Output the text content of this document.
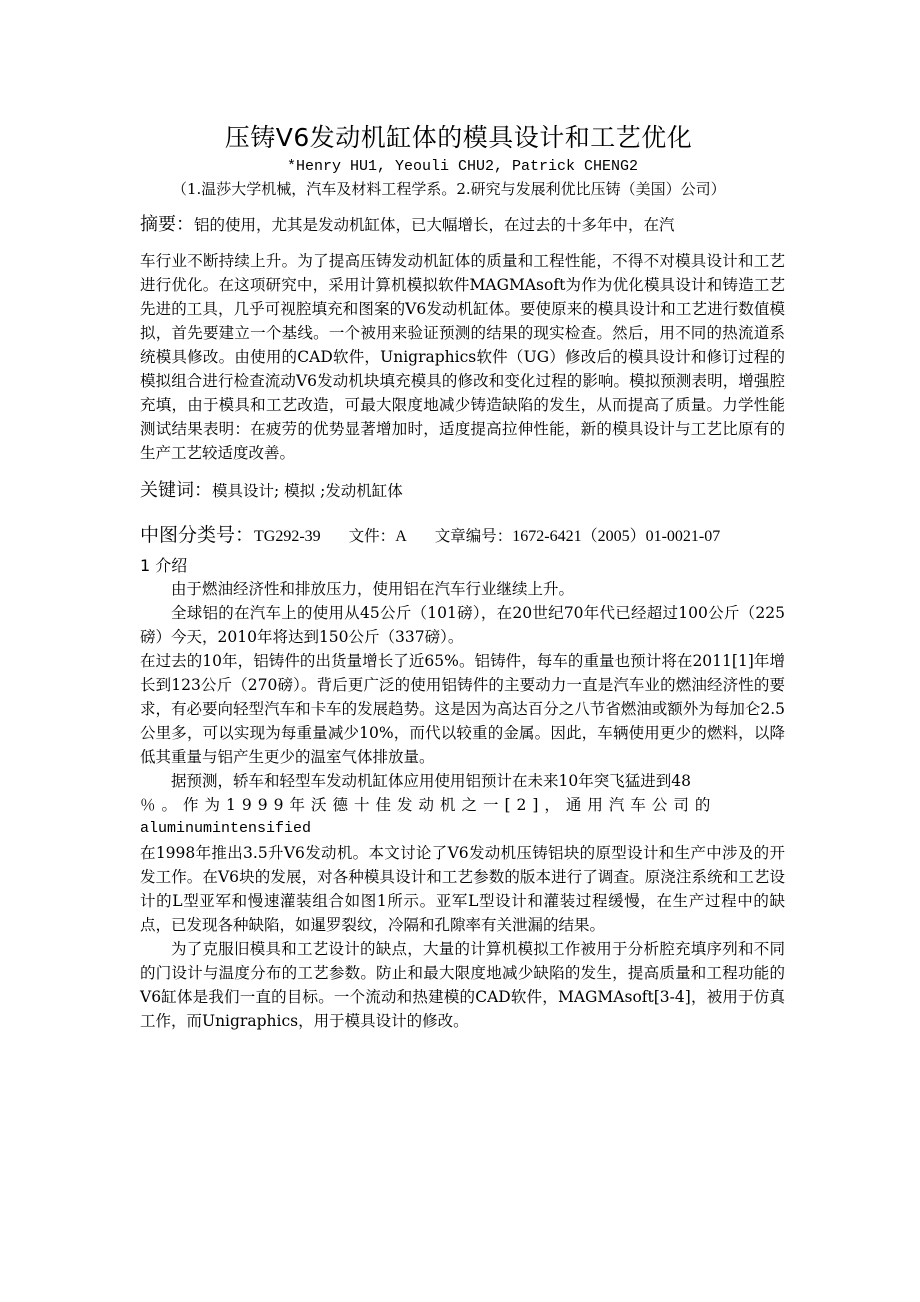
压铸V6发动机缸体的模具设计和工艺优化
*Henry HU1, Yeouli CHU2, Patrick CHENG2

（1.温莎大学机械，汽车及材料工程学系。2.研究与发展利优比压铸（美国）公司）

摘要：铝的使用，尤其是发动机缸体，已大幅增长，在过去的十多年中，在汽
车行业不断持续上升。为了提高压铸发动机缸体的质量和工程性能，不得不对模具设计和工艺进行优化。在这项研究中，采用计算机模拟软件MAGMAsoft为作为优化模具设计和铸造工艺先进的工具，几乎可视腔填充和图案的V6发动机缸体。要使原来的模具设计和工艺进行数值模拟，首先要建立一个基线。一个被用来验证预测的结果的现实检查。然后，用不同的热流道系统模具修改。由使用的CAD软件，Unigraphics软件（UG）修改后的模具设计和修订过程的模拟组合进行检查流动V6发动机块填充模具的修改和变化过程的影响。模拟预测表明，增强腔充填，由于模具和工艺改造，可最大限度地减少铸造缺陷的发生，从而提高了质量。力学性能测试结果表明：在疲劳的优势显著增加时，适度提高拉伸性能，新的模具设计与工艺比原有的生产工艺较适度改善。
关键词：模具设计; 模拟 ;发动机缸体
中图分类号：TG292-39 文件：A 文章编号：1672-6421（2005）01-0021-07
1 介绍

由于燃油经济性和排放压力，使用铝在汽车行业继续上升。

全球铝的在汽车上的使用从45公斤（101磅），在20世纪70年代已经超过100公斤（225磅）今天，2010年将达到150公斤（337磅）。

在过去的10年，铝铸件的出货量增长了近65%。铝铸件，每车的重量也预计将在2011[1]年增长到123公斤（270磅）。背后更广泛的使用铝铸件的主要动力一直是汽车业的燃油经济性的要求，有必要向轻型汽车和卡车的发展趋势。这是因为高达百分之八节省燃油或额外为每加仑2.5公里多，可以实现为每重量减少10%，而代以较重的金属。因此，车辆使用更少的燃料，以降低其重量与铝产生更少的温室气体排放量。

据预测，轿车和轻型车发动机缸体应用使用铝预计在未来10年突飞猛进到48

％。作为1999年沃德十佳发动机之一[2]，通用汽车公司的

aluminumintensified

在1998年推出3.5升V6发动机。本文讨论了V6发动机压铸铝块的原型设计和生产中涉及的开发工作。在V6块的发展，对各种模具设计和工艺参数的版本进行了调查。原浇注系统和工艺设计的L型亚军和慢速灌装组合如图1所示。亚军L型设计和灌装过程缓慢，在生产过程中的缺点，已发现各种缺陷，如暹罗裂纹，冷隔和孔隙率有关泄漏的结果。

为了克服旧模具和工艺设计的缺点，大量的计算机模拟工作被用于分析腔充填序列和不同的门设计与温度分布的工艺参数。防止和最大限度地减少缺陷的发生，提高质量和工程功能的V6缸体是我们一直的目标。一个流动和热建模的CAD软件，MAGMAsoft[3-4]，被用于仿真工作，而Unigraphics，用于模具设计的修改。
